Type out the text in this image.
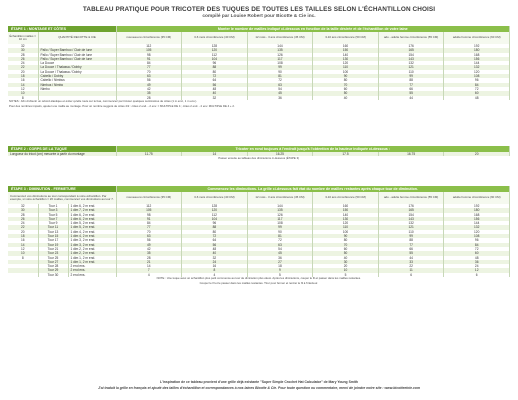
TABLEAU PRATIQUE POUR TRICOTER DES TUQUES DE TOUTES LES TAILLES SELON L'ÉCHANTILLON CHOISI
compilé par Louise Robert pour Bicotte & Cie inc.
ÉTAPE 1 : MONTAGE ET CÔTES		Monter le nombre de mailles indiqué ci-dessous en fonction de la taille désirée et de l'échantillon de votre laine					
Échantillon mailles = 10 cm	QUANTITÉ RECOTTE & CIE	nouveau-né circonférence (35 CM)	3-6 mois circonférence (40 CM)	12 mois - 3 ans circonférence (45 CM)	3-10 ans circonférence (50 CM)	ado - adulte femme circonférence (55 CM)	adulte homme circonférence (60 CM)
32		112	128	144	160	176	192
30	Pallo / Super Bamboo / Clair de lune	105	120	135	150	165	180
28	Pallo / Super Bamboo / Clair de lune	98	112	126	140	154	168
26	Pallo / Super Bamboo / Clair de lune	91	104	117	130	143	156
24	La Douce	84	96	108	120	132	144
22	La Douce / Thalassa / Dobby	77	88	99	110	121	132
20	La Douce / Thalassa / Dobby	70	80	90	100	110	120
18	Cabello / Dobby	63	72	81	90	99	108
16	Cabello / Nimbus	56	64	72	80	88	96
14	Nimbus / Nimbo	49	56	63	70	77	84
12	Nimbo	42	48	54	60	66	72
10		35	40	45	50	55	60
8		28	32	36	40	44	48
NOTES : Afin d'obtenir un rebord élastique et éviter qu'elle roule sur le bas, commencez par tricoter quelques centimètres de côtes (1 m end., 1 m env.).							
Pour des nombres impairs, ajouter une maille au montage. Pour un nombre suggéré de côtes 2/2 : côtes 2 end. - 2 env. = MULTIPLE DE 4 ; côtes 2 end. - 2 env. MULTIPLE DE 4 + 2.							
ÉTAPE 2 : CORPS DE LA TUQUE	Tricoter en rond toujours à l'endroit jusqu'à l'obtention de la hauteur indiquée ci-dessous :					
Longueur du tricot (cm) mesurée à partir du montage	11.75	14	16.25	17.5	16.75	20
Passer ensuite au tableau des diminutions ci-dessous (ÉTAPE 3)						
ÉTAPE 3 : DIMINUTION - FERMETURE			Commencez les diminutions. La grille ci-dessous fait état du nombre de mailles restantes après chaque tour de diminution.					
Commencez vos diminutions au tour correspondant à votre échantillon. Par exemple, si votre échantillon = 26 mailles, commencez vos diminutions au tour 7.			nouveau-né circonférence (35 CM)	3-6 mois circonférence (40 CM)	12 mois - 3 ans circonférence (45 CM)	3-10 ans circonférence (50 CM)	ado - adulte femme circonférence (55 CM)	adulte homme circonférence (60 CM)
32	Tour 1	1 dim 6, 2 m end.	112	128	144	160	176	192
30	Tour 3	1 dim 7, 2 m end.	105	120	135	150	165	180
28	Tour 5	1 dim 6, 2 m end.	98	112	126	140	154	168
26	Tour 7	1 dim 6, 2 m end.	91	104	117	130	143	156
24	Tour 9	1 dim 5, 2 m end.	84	96	108	120	132	144
22	Tour 11	1 dim 5, 2 m end.	77	88	99	110	121	132
20	Tour 13	1 dim 4, 2 m end.	70	80	90	100	110	120
18	Tour 15	1 dim 4, 2 m end.	63	72	81	90	99	108
16	Tour 17	1 dim 3, 2 m end.	56	64	72	80	88	96
14	Tour 19	1 dim 3, 2 m end.	49	56	63	70	77	84
12	Tour 21	1 dim 2, 2 m end.	42	48	54	60	66	72
10	Tour 23	1 dim 2, 2 m end.	35	40	45	50	55	60
8	Tour 25	1 dim 1, 2 m end.	28	32	36	40	44	48
	Tour 27	1 dim 1, 2 m end.	21	24	27	30	33	36
	Tour 28	2 end ens.	14	16	18	20	22	24
	Tour 29	2 end ens.	7	8	9	10	11	12
	Tour 30	2 end ens.	4	4	5	5	6	6
NOTE : Une tuque avec un échantillon plus petit commence au tour de diminution plus élevé. Après les diminutions, couper le fil et passer dans les mailles restantes.								
Couper le fil et le passer dans les mailles restantes. Tirer pour fermer et rentrer le fil à l'intérieur.								
L'inspiration de ce tableau provient d'une grille déjà existante "Super Simple Crochet Hat Calculator" de Mary Young Smith
J'ai traduit la grille en français et ajouté des tailles d'échantillon et correspondances à nos laines Bicotte & Cie. Pour toute question ou commentaire, merci de joindre notre site : www.bicotteetcie.com
